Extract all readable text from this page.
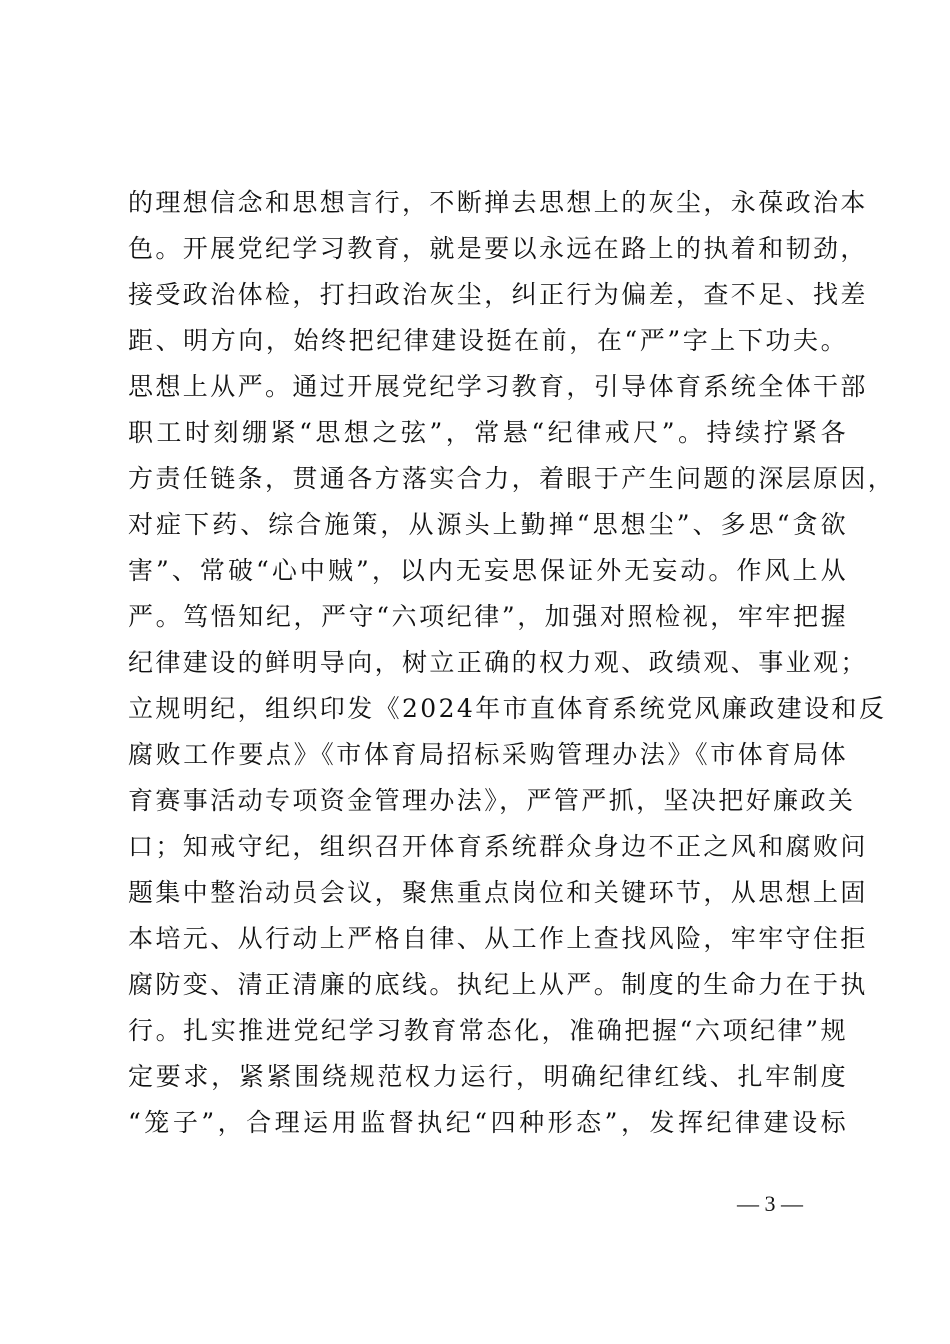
的理想信念和思想言行，不断掸去思想上的灰尘，永葆政治本
色。开展党纪学习教育，就是要以永远在路上的执着和韧劲，
接受政治体检，打扫政治灰尘，纠正行为偏差，查不足、找差
距、明方向，始终把纪律建设挺在前，在“严”字上下功夫。
思想上从严。通过开展党纪学习教育，引导体育系统全体干部
职工时刻绷紧“思想之弦”，常悬“纪律戒尺”。持续拧紧各
方责任链条，贯通各方落实合力，着眼于产生问题的深层原因，
对症下药、综合施策，从源头上勤掸“思想尘”、多思“贪欲
害”、常破“心中贼”，以内无妄思保证外无妄动。作风上从
严。笃悟知纪，严守“六项纪律”，加强对照检视，牢牢把握
纪律建设的鲜明导向，树立正确的权力观、政绩观、事业观；
立规明纪，组织印发《2024年市直体育系统党风廉政建设和反
腐败工作要点》《市体育局招标采购管理办法》《市体育局体
育赛事活动专项资金管理办法》，严管严抓，坚决把好廉政关
口；知戒守纪，组织召开体育系统群众身边不正之风和腐败问
题集中整治动员会议，聚焦重点岗位和关键环节，从思想上固
本培元、从行动上严格自律、从工作上查找风险，牢牢守住拒
腐防变、清正清廉的底线。执纪上从严。制度的生命力在于执
行。扎实推进党纪学习教育常态化，准确把握“六项纪律”规
定要求，紧紧围绕规范权力运行，明确纪律红线、扎牢制度
“笼子”，合理运用监督执纪“四种形态”，发挥纪律建设标
— 3 —
